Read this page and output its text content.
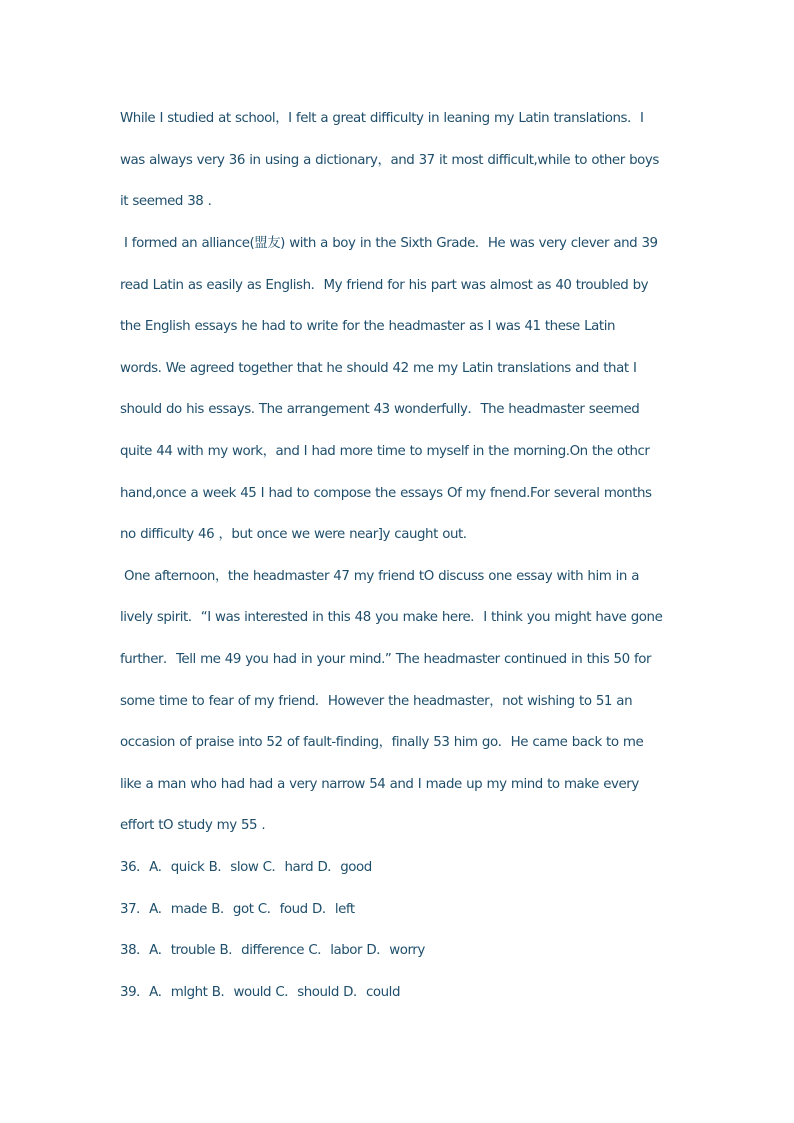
While I studied at school，I felt a great difficulty in leaning my Latin translations．I
was always very 36 in using a dictionary，and 37 it most difficult,while to other boys
it seemed 38 .
I formed an alliance(盟友) with a boy in the Sixth Grade．He was very clever and 39
read Latin as easily as English．My friend for his part was almost as 40 troubled by
the English essays he had to write for the headmaster as I was 41 these Latin
words. We agreed together that he should 42 me my Latin translations and that I
should do his essays. The arrangement 43 wonderfully．The headmaster seemed
quite 44 with my work，and I had more time to myself in the morning.On the othcr
hand,once a week 45 I had to compose the essays Of my fnend.For several months
no difficulty 46 ，but once we were near]y caught out.
One afternoon，the headmaster 47 my friend tO discuss one essay with him in a
lively spirit．“I was interested in this 48 you make here．I think you might have gone
further．Tell me 49 you had in your mind.” The headmaster continued in this 50 for
some time to fear of my friend．However the headmaster，not wishing to 51 an
occasion of praise into 52 of fault-finding，finally 53 him go．He came back to me
like a man who had had a very narrow 54 and I made up my mind to make every
effort tO study my 55 .
36．A．quick B．slow C．hard D．good
37．A．made B．got C．foud D．left
38．A．trouble B．difference C．labor D．worry
39．A．mlght B．would C．should D．could
